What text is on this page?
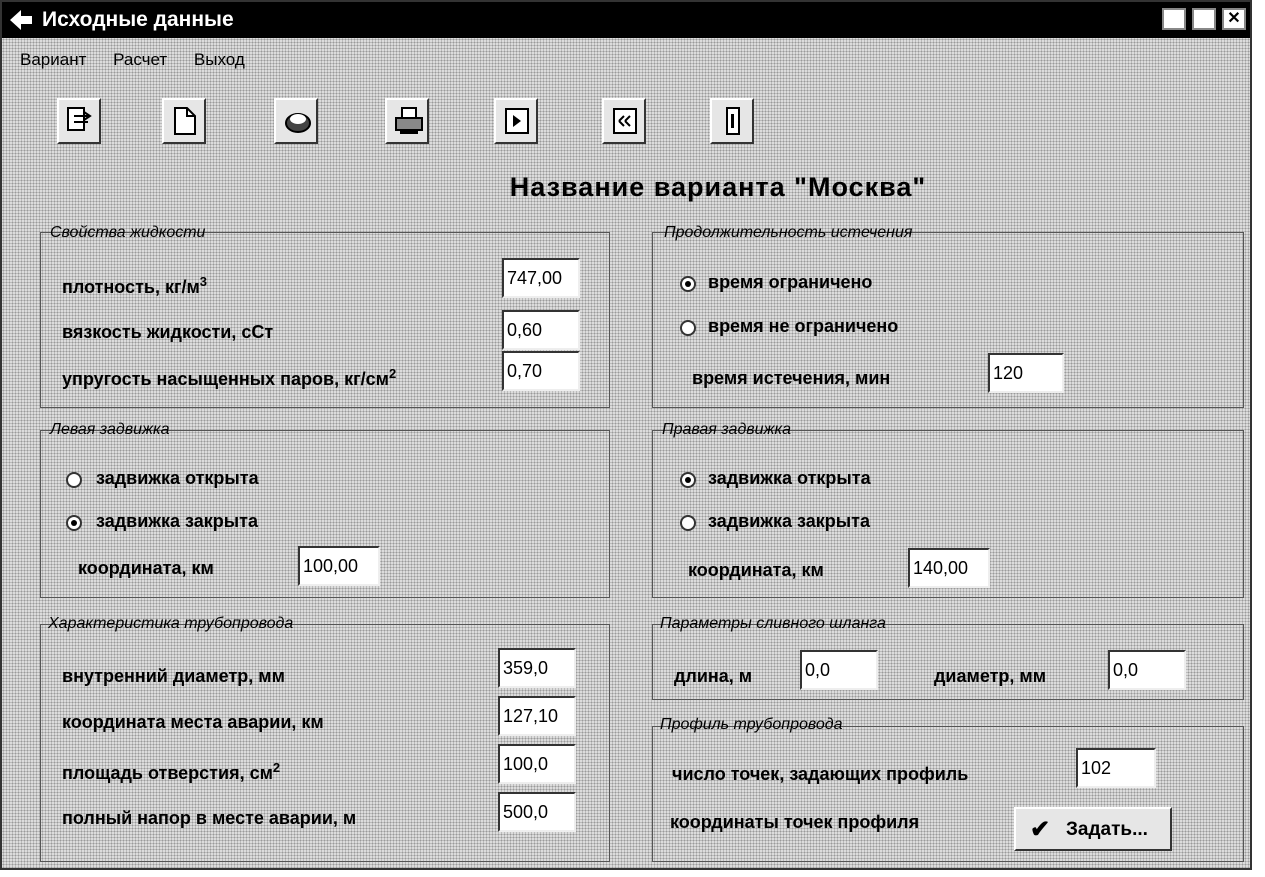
Исходные данные	✕
Вариант Расчет Выход
Название варианта "Москва"
Свойства жидкости
плотность, $кг/м^3$
747,00
вязкость жидкости, сСт
0,60
упругость насыщенных паров, $кг/см^2$
0,70
Продолжительность истечения
время ограничено
время не ограничено
время истечения, мин
120
Левая задвижка
задвижка открыта
задвижка закрыта
координата, км
100,00
Правая задвижка
задвижка открыта
задвижка закрыта
координата, км
140,00
Характеристика трубопровода
внутренний диаметр, мм
359,0
координата места аварии, км
127,10
площадь отверстия, $см^2$
100,0
полный напор в месте аварии, м
500,0
Параметры сливного шланга
длина, м
0,0	диаметр, мм
0,0
Профиль трубопровода
число точек, задающих профиль
102
координаты точек профиля	✔ Задать...
